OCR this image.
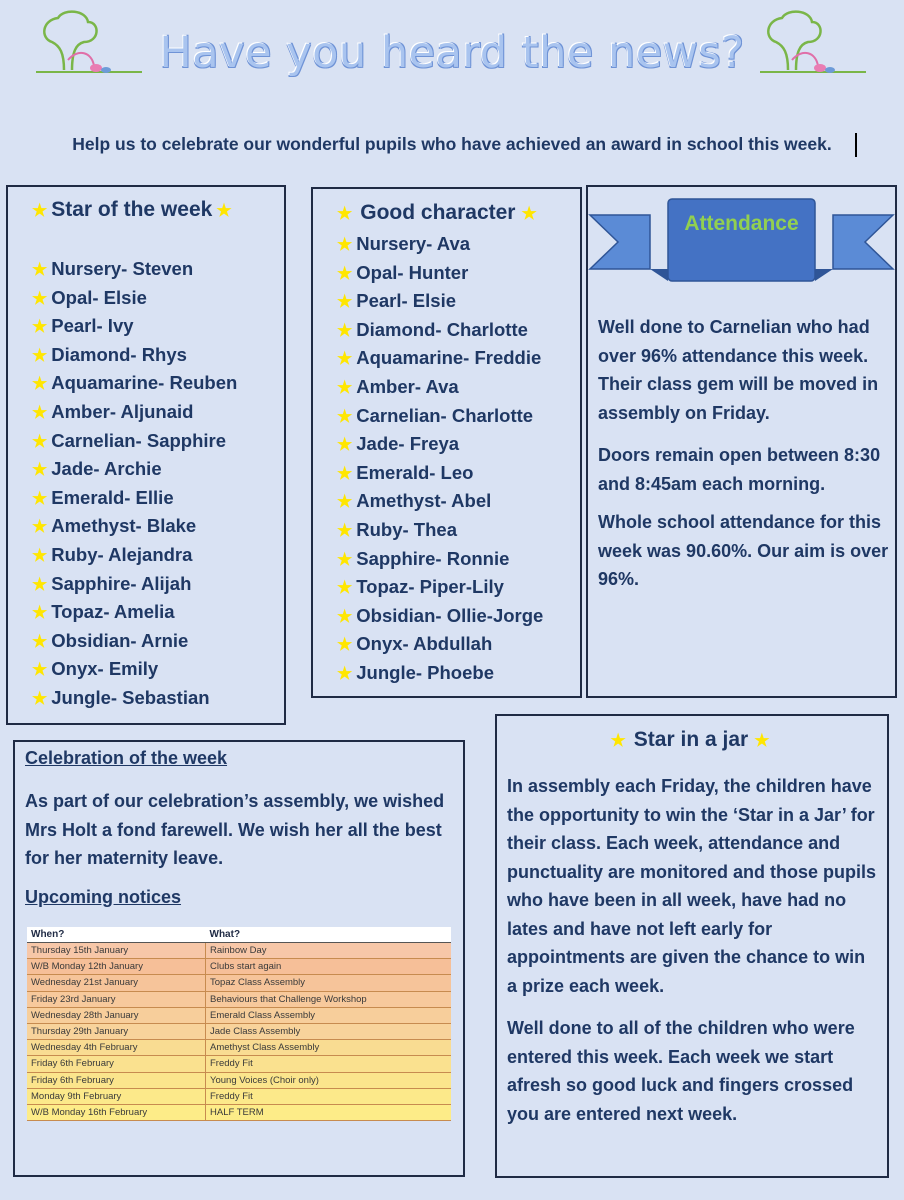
Have you heard the news?
Help us to celebrate our wonderful pupils who have achieved an award in school this week.
★ Star of the week ★
★ Nursery- Steven
★ Opal- Elsie
★ Pearl- Ivy
★ Diamond- Rhys
★ Aquamarine- Reuben
★ Amber- Aljunaid
★ Carnelian- Sapphire
★ Jade- Archie
★ Emerald- Ellie
★ Amethyst- Blake
★ Ruby- Alejandra
★ Sapphire- Alijah
★ Topaz- Amelia
★ Obsidian- Arnie
★ Onyx- Emily
★ Jungle- Sebastian
★ Good character ★
★ Nursery- Ava
★ Opal- Hunter
★ Pearl- Elsie
★ Diamond- Charlotte
★ Aquamarine- Freddie
★ Amber- Ava
★ Carnelian- Charlotte
★ Jade- Freya
★ Emerald- Leo
★ Amethyst- Abel
★ Ruby- Thea
★ Sapphire- Ronnie
★ Topaz- Piper-Lily
★ Obsidian- Ollie-Jorge
★ Onyx- Abdullah
★ Jungle- Phoebe
Attendance

Well done to Carnelian who had over 96% attendance this week. Their class gem will be moved in assembly on Friday.

Doors remain open between 8:30 and 8:45am each morning.

Whole school attendance for this week was 90.60%. Our aim is over 96%.

Celebration of the week

As part of our celebration’s assembly, we wished Mrs Holt a fond farewell. We wish her all the best for her maternity leave.

Upcoming notices
When?	What?
Thursday 15th January	Rainbow Day
W/B Monday 12th January	Clubs start again
Wednesday 21st January	Topaz Class Assembly
Friday 23rd January	Behaviours that Challenge Workshop
Wednesday 28th January	Emerald Class Assembly
Thursday 29th January	Jade Class Assembly
Wednesday 4th February	Amethyst Class Assembly
Friday 6th February	Freddy Fit
Friday 6th February	Young Voices (Choir only)
Monday 9th February	Freddy Fit
W/B Monday 16th February	HALF TERM
★ Star in a jar ★

In assembly each Friday, the children have the opportunity to win the ‘Star in a Jar’ for their class. Each week, attendance and punctuality are monitored and those pupils who have been in all week, have had no lates and have not left early for appointments are given the chance to win a prize each week.

Well done to all of the children who were entered this week. Each week we start afresh so good luck and fingers crossed you are entered next week.
